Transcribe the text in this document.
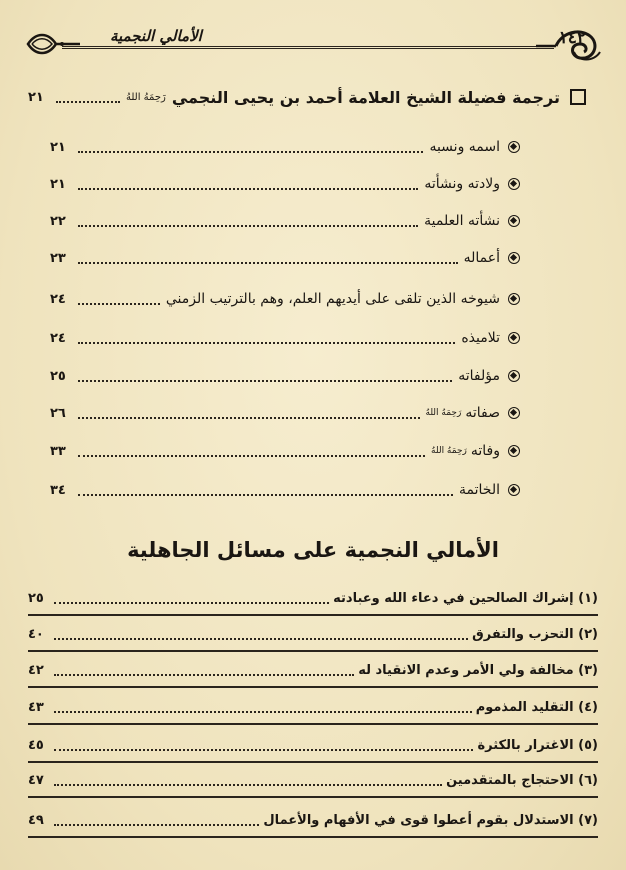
الأمالي النجمية	١٤٢
ترجمة فضيلة الشيخ العلامة أحمد بن يحيى النجمي
رَحِمَهُ اللهُ
٢١
اسمه ونسبه
٢١
ولادته ونشأته
٢١
نشأته العلمية
٢٢
أعماله
٢٣
شيوخه الذين تلقى على أيديهم العلم، وهم بالترتيب الزمني
٢٤
تلاميذه
٢٤
مؤلفاته
٢٥
صفاته
رَحِمَهُ اللهُ
٢٦
وفاته
رَحِمَهُ اللهُ
٣٣
الخاتمة
٣٤
الأمالي النجمية على مسائل الجاهلية
(١) إشراك الصالحين في دعاء الله وعبادته
٢٥
(٢) التحزب والتفرق
٤٠
(٣) مخالفة ولي الأمر وعدم الانقياد له
٤٢
(٤) التقليد المذموم
٤٣
(٥) الاغترار بالكثرة
٤٥
(٦) الاحتجاج بالمتقدمين
٤٧
(٧) الاستدلال بقوم أعطوا قوى في الأفهام والأعمال
٤٩
